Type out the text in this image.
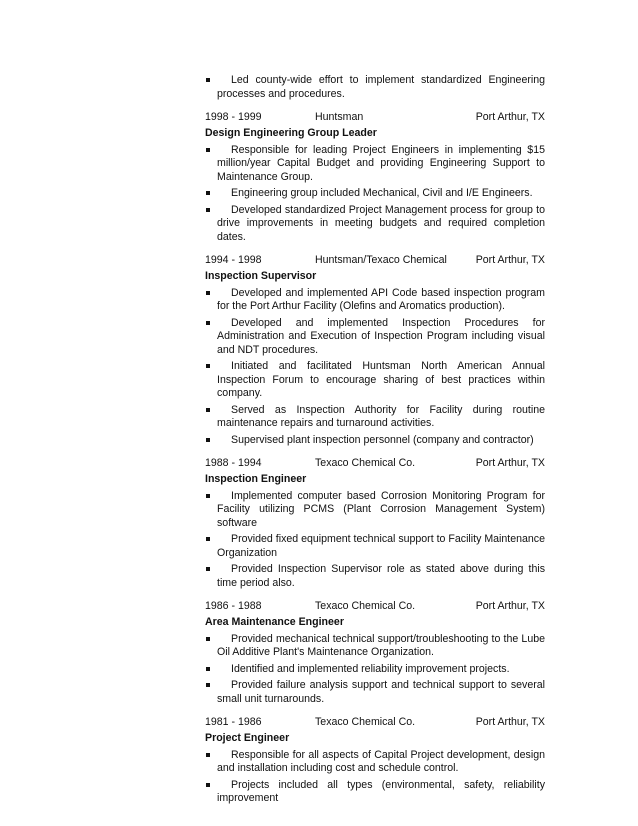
Led county-wide effort to implement standardized Engineering processes and procedures.
1998 - 1999	Huntsman	Port Arthur, TX
Design Engineering Group Leader
Responsible for leading Project Engineers in implementing $15 million/year Capital Budget and providing Engineering Support to Maintenance Group.
Engineering group included Mechanical, Civil and I/E Engineers.
Developed standardized Project Management process for group to drive improvements in meeting budgets and required completion dates.
1994 - 1998	Huntsman/Texaco Chemical	Port Arthur, TX
Inspection Supervisor
Developed and implemented API Code based inspection program for the Port Arthur Facility (Olefins and Aromatics production).
Developed and implemented Inspection Procedures for Administration and Execution of Inspection Program including visual and NDT procedures.
Initiated and facilitated Huntsman North American Annual Inspection Forum to encourage sharing of best practices within company.
Served as Inspection Authority for Facility during routine maintenance repairs and turnaround activities.
Supervised plant inspection personnel (company and contractor)
1988 - 1994	Texaco Chemical Co.	Port Arthur, TX
Inspection Engineer
Implemented computer based Corrosion Monitoring Program for Facility utilizing PCMS (Plant Corrosion Management System) software
Provided fixed equipment technical support to Facility Maintenance Organization
Provided Inspection Supervisor role as stated above during this time period also.
1986 - 1988	Texaco Chemical Co.	Port Arthur, TX
Area Maintenance Engineer
Provided mechanical technical support/troubleshooting to the Lube Oil Additive Plant's Maintenance Organization.
Identified and implemented reliability improvement projects.
Provided failure analysis support and technical support to several small unit turnarounds.
1981 - 1986	Texaco Chemical Co.	Port Arthur, TX
Project Engineer
Responsible for all aspects of Capital Project development, design and installation including cost and schedule control.
Projects included all types (environmental, safety, reliability improvement
